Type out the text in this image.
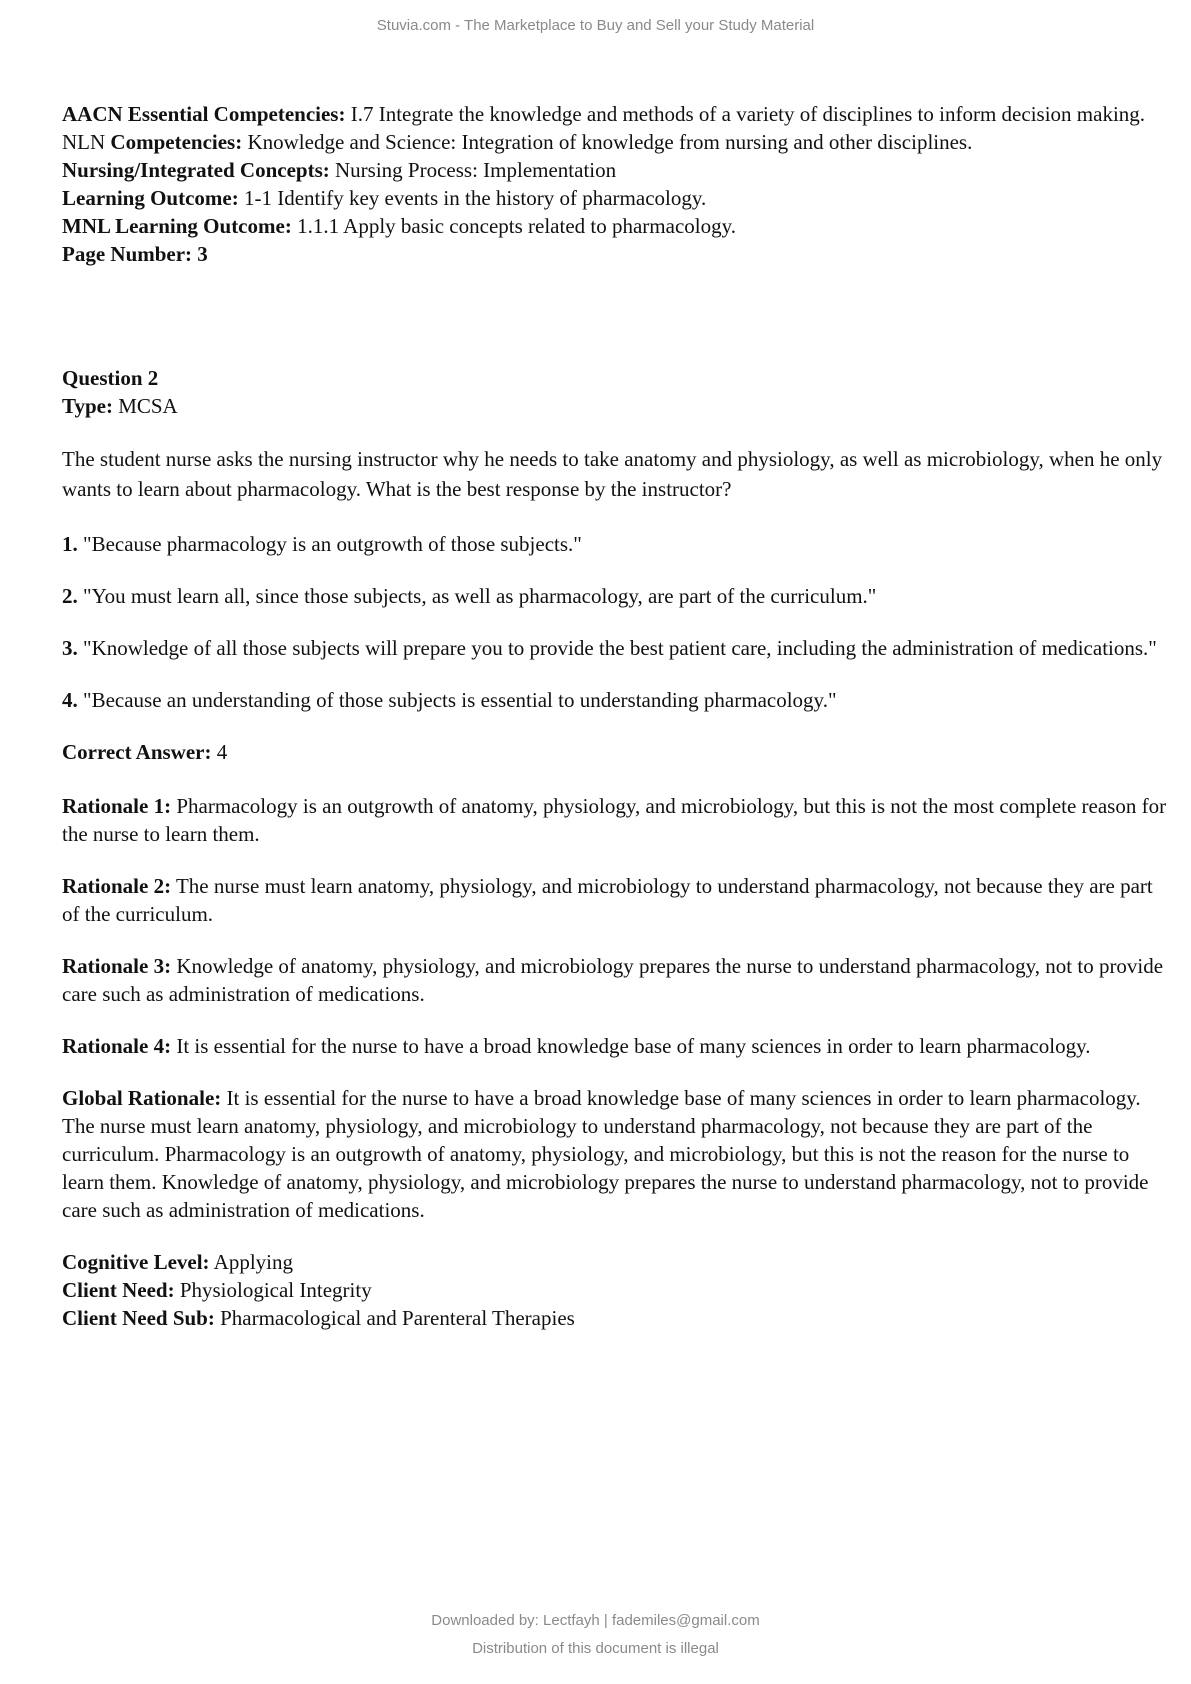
Stuvia.com - The Marketplace to Buy and Sell your Study Material

AACN Essential Competencies: I.7 Integrate the knowledge and methods of a variety of disciplines to inform decision making.

NLN Competencies: Knowledge and Science: Integration of knowledge from nursing and other disciplines.

Nursing/Integrated Concepts: Nursing Process: Implementation

Learning Outcome: 1-1 Identify key events in the history of pharmacology.

MNL Learning Outcome: 1.1.1 Apply basic concepts related to pharmacology.

Page Number: 3

Question 2

Type: MCSA

The student nurse asks the nursing instructor why he needs to take anatomy and physiology, as well as microbiology, when he only wants to learn about pharmacology. What is the best response by the instructor?

1. "Because pharmacology is an outgrowth of those subjects."

2. "You must learn all, since those subjects, as well as pharmacology, are part of the curriculum."

3. "Knowledge of all those subjects will prepare you to provide the best patient care, including the administration of medications."

4. "Because an understanding of those subjects is essential to understanding pharmacology."

Correct Answer: 4

Rationale 1: Pharmacology is an outgrowth of anatomy, physiology, and microbiology, but this is not the most complete reason for the nurse to learn them.

Rationale 2: The nurse must learn anatomy, physiology, and microbiology to understand pharmacology, not because they are part of the curriculum.

Rationale 3: Knowledge of anatomy, physiology, and microbiology prepares the nurse to understand pharmacology, not to provide care such as administration of medications.

Rationale 4: It is essential for the nurse to have a broad knowledge base of many sciences in order to learn pharmacology.

Global Rationale: It is essential for the nurse to have a broad knowledge base of many sciences in order to learn pharmacology. The nurse must learn anatomy, physiology, and microbiology to understand pharmacology, not because they are part of the curriculum. Pharmacology is an outgrowth of anatomy, physiology, and microbiology, but this is not the reason for the nurse to learn them. Knowledge of anatomy, physiology, and microbiology prepares the nurse to understand pharmacology, not to provide care such as administration of medications.

Cognitive Level: Applying

Client Need: Physiological Integrity

Client Need Sub: Pharmacological and Parenteral Therapies

Downloaded by: Lectfayh | fademiles@gmail.com
Distribution of this document is illegal
